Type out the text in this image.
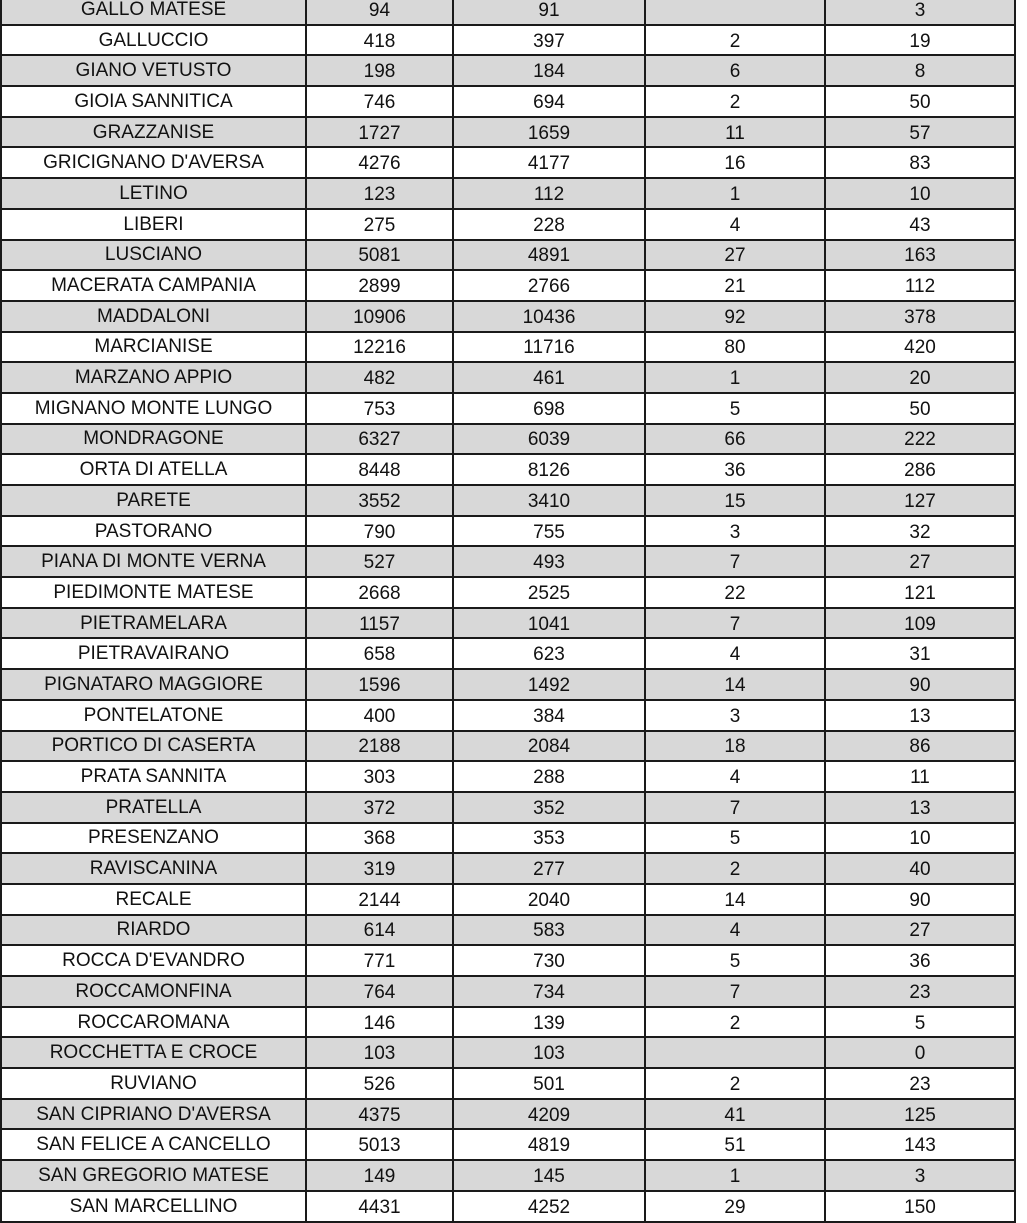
GALLO MATESE	94	91		3
GALLUCCIO	418	397	2	19
GIANO VETUSTO	198	184	6	8
GIOIA SANNITICA	746	694	2	50
GRAZZANISE	1727	1659	11	57
GRICIGNANO D'AVERSA	4276	4177	16	83
LETINO	123	112	1	10
LIBERI	275	228	4	43
LUSCIANO	5081	4891	27	163
MACERATA CAMPANIA	2899	2766	21	112
MADDALONI	10906	10436	92	378
MARCIANISE	12216	11716	80	420
MARZANO APPIO	482	461	1	20
MIGNANO MONTE LUNGO	753	698	5	50
MONDRAGONE	6327	6039	66	222
ORTA DI ATELLA	8448	8126	36	286
PARETE	3552	3410	15	127
PASTORANO	790	755	3	32
PIANA DI MONTE VERNA	527	493	7	27
PIEDIMONTE MATESE	2668	2525	22	121
PIETRAMELARA	1157	1041	7	109
PIETRAVAIRANO	658	623	4	31
PIGNATARO MAGGIORE	1596	1492	14	90
PONTELATONE	400	384	3	13
PORTICO DI CASERTA	2188	2084	18	86
PRATA SANNITA	303	288	4	11
PRATELLA	372	352	7	13
PRESENZANO	368	353	5	10
RAVISCANINA	319	277	2	40
RECALE	2144	2040	14	90
RIARDO	614	583	4	27
ROCCA D'EVANDRO	771	730	5	36
ROCCAMONFINA	764	734	7	23
ROCCAROMANA	146	139	2	5
ROCCHETTA E CROCE	103	103		0
RUVIANO	526	501	2	23
SAN CIPRIANO D'AVERSA	4375	4209	41	125
SAN FELICE A CANCELLO	5013	4819	51	143
SAN GREGORIO MATESE	149	145	1	3
SAN MARCELLINO	4431	4252	29	150
